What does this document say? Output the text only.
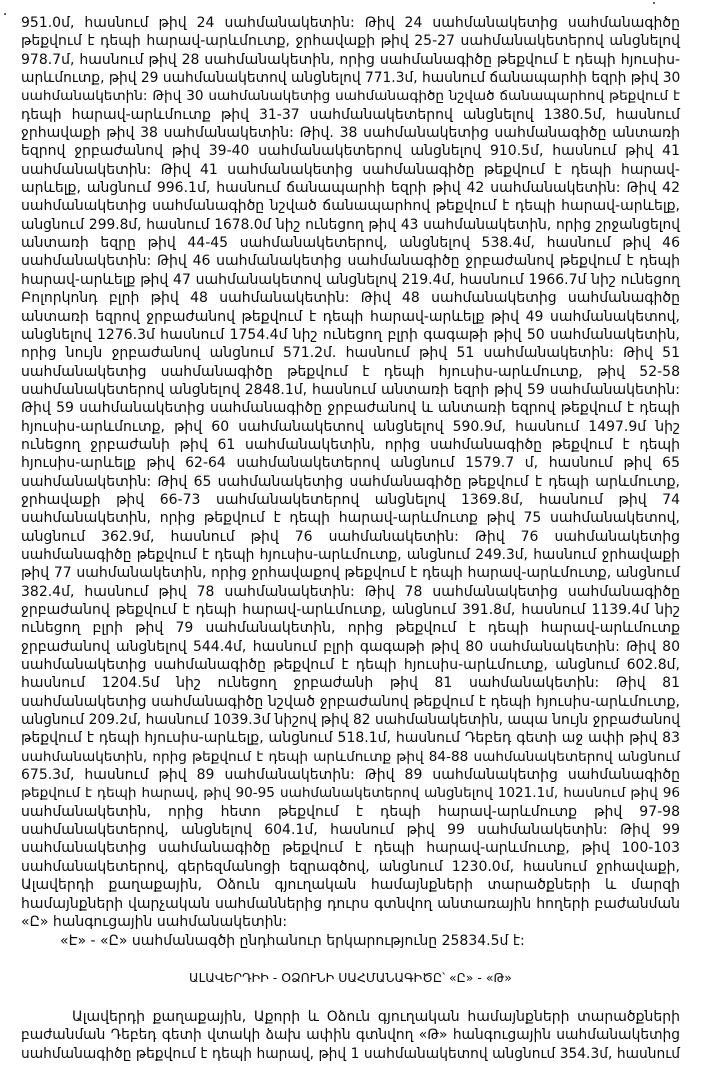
951.0մ, հասնում թիվ 24 սահմանակետին: Թիվ 24 սահմանակետից սահմանագիծը
թեքվում է դեպի հարավ-արևմուտք, ջրհավաքի թիվ 25-27 սահմանակետերով անցնելով
978.7մ, հասնում թիվ 28 սահմանակետին, որից սահմանագիծը թեքվում է դեպի հյուսիս-
արևմուտք, թիվ 29 սահմանակետով անցնելով 771.3մ, հասնում ճանապարհի եզրի թիվ 30
սահմանակետին: Թիվ 30 սահմանակետից սահմանագիծը նշված ճանապարհով թեքվում է
դեպի հարավ-արևմուտք թիվ 31-37 սահմանակետերով անցնելով 1380.5մ, հասնում
ջրհավաքի թիվ 38 սահմանակետին: Թիվ. 38 սահմանակետից սահմանագիծը անտառի
եզրով ջրբաժանով թիվ 39-40 սահմանակետերով անցնելով 910.5մ, հասնում թիվ 41
սահմանակետին: Թիվ 41 սահմանակետից սահմանագիծը թեքվում է դեպի հարավ-
արևելք, անցնում 996.1մ, հասնում ճանապարհի եզրի թիվ 42 սահմանակետին: Թիվ 42
սահմանակետից սահմանագիծը նշված ճանապարհով թեքվում է դեպի հարավ-արևելք,
անցնում 299.8մ, հասնում 1678.0մ նիշ ունեցող թիվ 43 սահմանակետին, որից շրջանցելով
անտառի եզրը թիվ 44-45 սահմանակետերով, անցնելով 538.4մ, հասնում թիվ 46
սահմանակետին: Թիվ 46 սահմանակետից սահմանագիծը ջրբաժանով թեքվում է դեպի
հարավ-արևելք թիվ 47 սահմանակետով անցնելով 219.4մ, հասնում 1966.7մ նիշ ունեցող
Բոլորկոնդ բլրի թիվ 48 սահմանակետին: Թիվ 48 սահմանակետից սահմանագիծը
անտառի եզրով ջրբաժանով թեքվում է դեպի հարավ-արևելք թիվ 49 սահմանակետով,
անցնելով 1276.3մ հասնում 1754.4մ նիշ ունեցող բլրի գագաթի թիվ 50 սահմանակետին,
որից նույն ջրբաժանով անցնում 571.2մ. հասնում թիվ 51 սահմանակետին: Թիվ 51
սահմանակետից սահմանագիծը թեքվում է դեպի հյուսիս-արևմուտք, թիվ 52-58
սահմանակետերով անցնելով 2848.1մ, հասնում անտառի եզրի թիվ 59 սահմանակետին:
Թիվ 59 սահմանակետից սահմանագիծը ջրբաժանով և անտառի եզրով թեքվում է դեպի
հյուսիս-արևմուտք, թիվ 60 սահմանակետով անցնելով 590.9մ, հասնում 1497.9մ նիշ
ունեցող ջրբաժանի թիվ 61 սահմանակետին, որից սահմանագիծը թեքվում է դեպի
հյուսիս-արևելք թիվ 62-64 սահմանակետերով անցնում 1579.7 մ, հասնում թիվ 65
սահմանակետին: Թիվ 65 սահմանակետից սահմանագիծը թեքվում է դեպի արևմուտք,
ջրհավաքի թիվ 66-73 սահմանակետերով անցնելով 1369.8մ, հասնում թիվ 74
սահմանակետին, որից թեքվում է դեպի հարավ-արևմուտք թիվ 75 սահմանակետով,
անցնում 362.9մ, հասնում թիվ 76 սահմանակետին: Թիվ 76 սահմանակետից
սահմանագիծը թեքվում է դեպի հյուսիս-արևմուտք, անցնում 249.3մ, հասնում ջրհավաքի
թիվ 77 սահմանակետին, որից ջրհավաքով թեքվում է դեպի հարավ-արևմուտք, անցնում
382.4մ, հասնում թիվ 78 սահմանակետին: Թիվ 78 սահմանակետից սահմանագիծը
ջրբաժանով թեքվում է դեպի հարավ-արևմուտք, անցնում 391.8մ, հասնում 1139.4մ նիշ
ունեցող բլրի թիվ 79 սահմանակետին, որից թեքվում է դեպի հարավ-արևմուտք
ջրբաժանով անցնելով 544.4մ, հասնում բլրի գագաթի թիվ 80 սահմանակետին: Թիվ 80
սահմանակետից սահմանագիծը թեքվում է դեպի հյուսիս-արևմուտք, անցնում 602.8մ,
հասնում 1204.5մ նիշ ունեցող ջրբաժանի թիվ 81 սահմանակետին: Թիվ 81
սահմանակետից սահմանագիծը նշված ջրբաժանով թեքվում է դեպի հյուսիս-արևմուտք,
անցնում 209.2մ, հասնում 1039.3մ նիշով թիվ 82 սահմանակետին, ապա նույն ջրբաժանով
թեքվում է դեպի հյուսիս-արևելք, անցնում 518.1մ, հասնում Դեբեդ գետի աջ ափի թիվ 83
սահմանակետին, որից թեքվում է դեպի արևմուտք թիվ 84-88 սահմանակետերով անցնում
675.3մ, հասնում թիվ 89 սահմանակետին: Թիվ 89 սահմանակետից սահմանագիծը
թեքվում է դեպի հարավ, թիվ 90-95 սահմանակետերով անցնելով 1021.1մ, հասնում թիվ 96
սահմանակետին, որից հետո թեքվում է դեպի հարավ-արևմուտք թիվ 97-98
սահմանակետերով, անցնելով 604.1մ, հասնում թիվ 99 սահմանակետին: Թիվ 99
սահմանակետից սահմանագիծը թեքվում է դեպի հարավ-արևմուտք, թիվ 100-103
սահմանակետերով, գերեզմանոցի եզրագծով, անցնում 1230.0մ, հասնում ջրհավաքի,
Ալավերդի քաղաքային, Օձուն գյուղական համայնքների տարածքների և մարզի
համայնքների վարչական սահմաններից դուրս գտնվող անտառային հողերի բաժանման
«Ը» հանգուցային սահմանակետին:
«Է» - «Ը» սահմանագծի ընդհանուր երկարությունը 25834.5մ է:
ԱԼԱՎԵՐԴԻԻ - ՕՁՈՒՆԻ ՍԱՀՄԱՆԱԳԻԾԸ՝ «Ը» - «Թ»
Ալավերդի քաղաքային, Աքորի և Օձուն գյուղական համայնքների տարածքների
բաժանման Դեբեդ գետի վտակի ձախ ափին գտնվող «Թ» հանգուցային սահմանակետից
սահմանագիծը թեքվում է դեպի հարավ, թիվ 1 սահմանակետով անցնում 354.3մ, հասնում
